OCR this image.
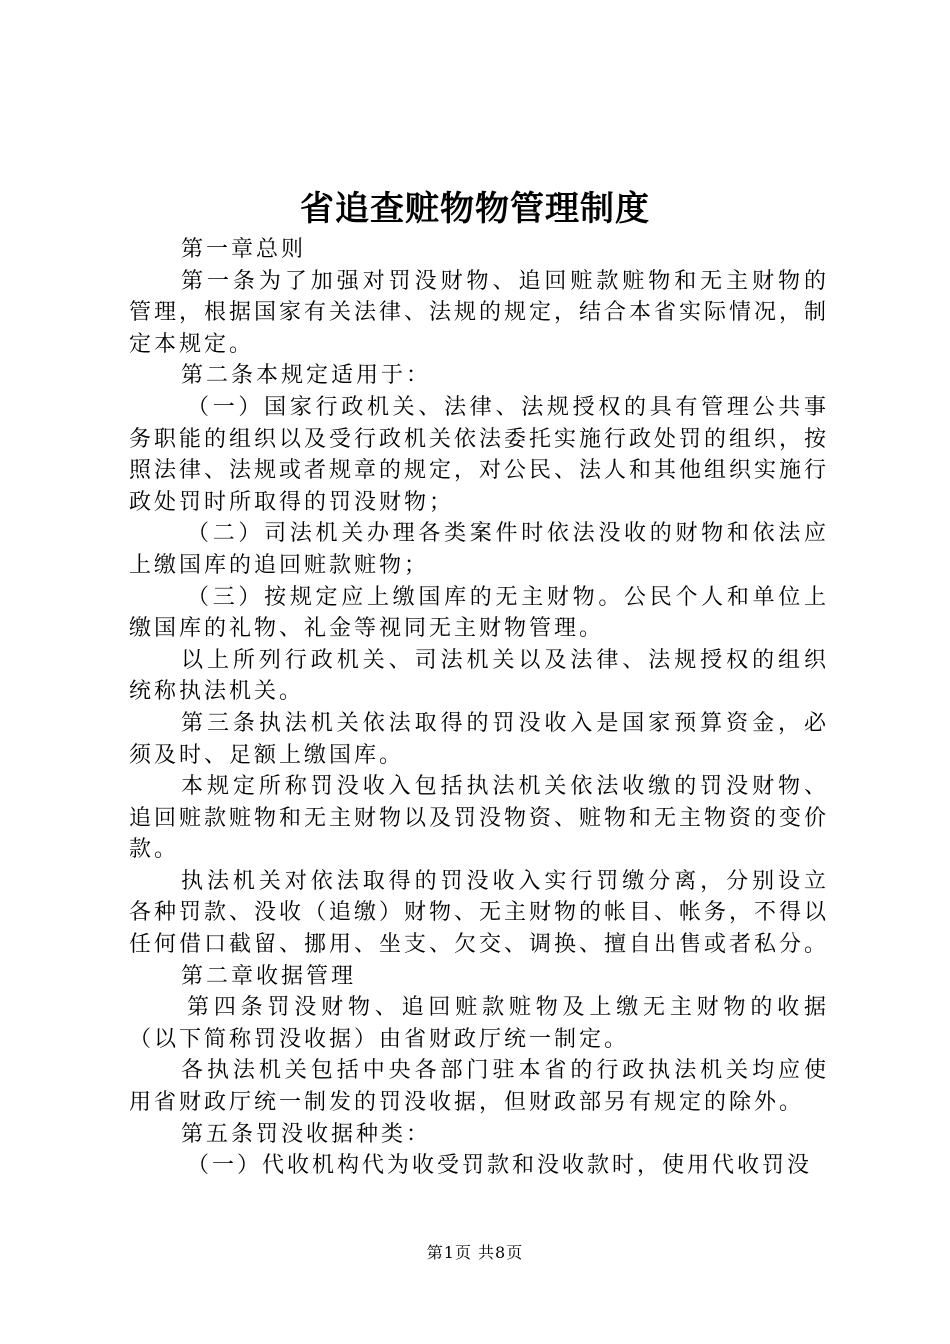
省追查赃物物管理制度

第一章总则

第一条为了加强对罚没财物、追回赃款赃物和无主财物的管理，根据国家有关法律、法规的规定，结合本省实际情况，制定本规定。

第二条本规定适用于：

（一）国家行政机关、法律、法规授权的具有管理公共事务职能的组织以及受行政机关依法委托实施行政处罚的组织，按照法律、法规或者规章的规定，对公民、法人和其他组织实施行政处罚时所取得的罚没财物；

（二）司法机关办理各类案件时依法没收的财物和依法应上缴国库的追回赃款赃物；

（三）按规定应上缴国库的无主财物。公民个人和单位上缴国库的礼物、礼金等视同无主财物管理。

以上所列行政机关、司法机关以及法律、法规授权的组织统称执法机关。

第三条执法机关依法取得的罚没收入是国家预算资金，必须及时、足额上缴国库。

本规定所称罚没收入包括执法机关依法收缴的罚没财物、追回赃款赃物和无主财物以及罚没物资、赃物和无主物资的变价款。

执法机关对依法取得的罚没收入实行罚缴分离，分别设立各种罚款、没收（追缴）财物、无主财物的帐目、帐务，不得以任何借口截留、挪用、坐支、欠交、调换、擅自出售或者私分。

第二章收据管理

第四条罚没财物、追回赃款赃物及上缴无主财物的收据（以下简称罚没收据）由省财政厅统一制定。

各执法机关包括中央各部门驻本省的行政执法机关均应使用省财政厅统一制发的罚没收据，但财政部另有规定的除外。

第五条罚没收据种类：

（一）代收机构代为收受罚款和没收款时，使用代收罚没

第1页 共8页
